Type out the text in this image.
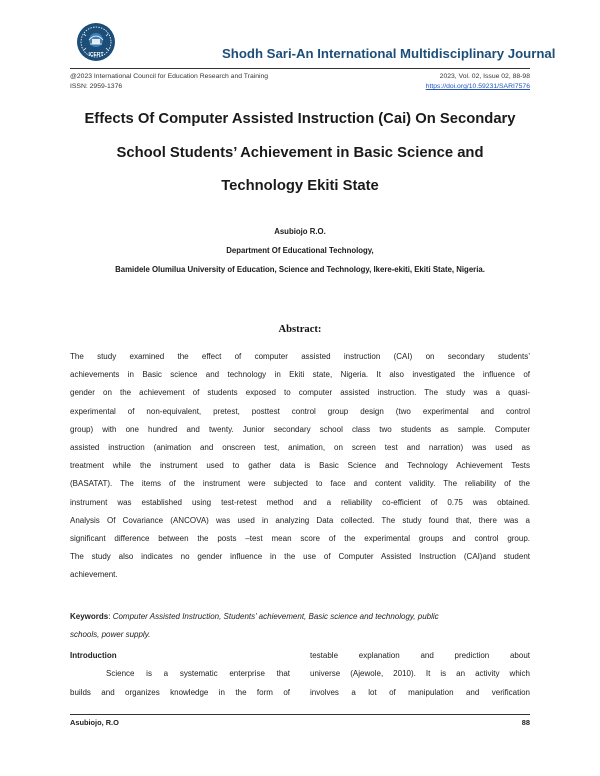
ICERT	Shodh Sari-An International Multidisciplinary Journal
@2023 International Council for Education Research and Training
ISSN: 2959-1376
2023, Vol. 02, Issue 02, 88-98
https://doi.org/10.59231/SARI7576
Effects Of Computer Assisted Instruction (Cai) On Secondary
School Students’ Achievement in Basic Science and
Technology Ekiti State
Asubiojo R.O.
Department Of Educational Technology,
Bamidele Olumilua University of Education, Science and Technology, Ikere-ekiti, Ekiti State, Nigeria.
Abstract:
The study examined the effect of computer assisted instruction (CAI) on secondary students’
achievements in Basic science and technology in Ekiti state, Nigeria. It also investigated the influence of
gender on the achievement of students exposed to computer assisted instruction. The study was a quasi-
experimental of non-equivalent, pretest, posttest control group design (two experimental and control
group) with one hundred and twenty. Junior secondary school class two students as sample. Computer
assisted instruction (animation and onscreen test, animation, on screen test and narration) was used as
treatment while the instrument used to gather data is Basic Science and Technology Achievement Tests
(BASATAT). The items of the instrument were subjected to face and content validity. The reliability of the
instrument was established using test-retest method and a reliability co-efficient of 0.75 was obtained.
Analysis Of Covariance (ANCOVA) was used in analyzing Data collected. The study found that, there was a
significant difference between the posts –test mean score of the experimental groups and control group.
The study also indicates no gender influence in the use of Computer Assisted Instruction (CAI)and student
achievement.
Keywords: Computer Assisted Instruction, Students’ achievement, Basic science and technology, public
schools, power supply.
Introduction
Science is a systematic enterprise that
builds and organizes knowledge in the form of
testable explanation and prediction about
universe (Ajewole, 2010). It is an activity which
involves a lot of manipulation and verification
Asubiojo, R.O	88
